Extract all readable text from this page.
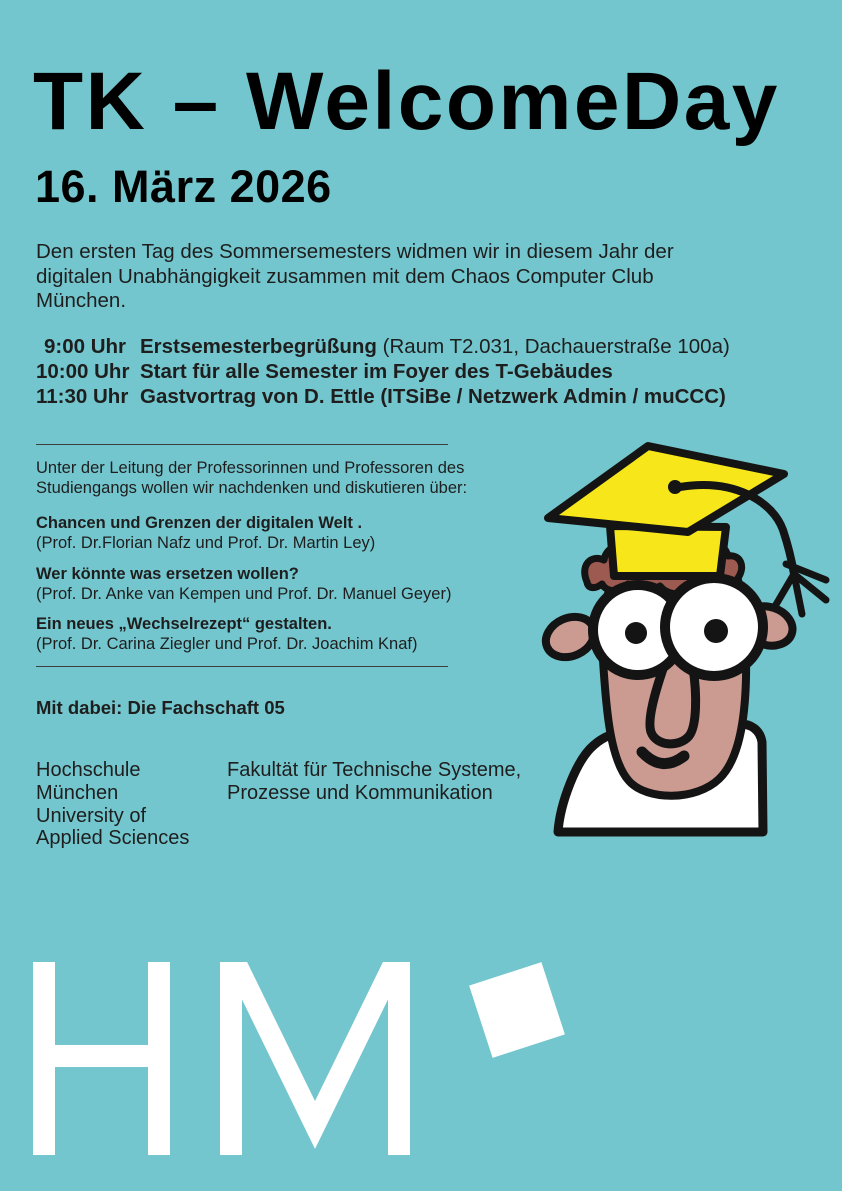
TK – WelcomeDay
16. März 2026
Den ersten Tag des Sommersemesters widmen wir in diesem Jahr der
digitalen Unabhängigkeit zusammen mit dem Chaos Computer Club
München.
9:00 Uhr Erstsemesterbegrüßung (Raum T2.031, Dachauerstraße 100a)
10:00 Uhr Start für alle Semester im Foyer des T-Gebäudes
11:30 Uhr Gastvortrag von D. Ettle (ITSiBe / Netzwerk Admin / muCCC)
Unter der Leitung der Professorinnen und Professoren des
Studiengangs wollen wir nachdenken und diskutieren über:
Chancen und Grenzen der digitalen Welt .
(Prof. Dr.Florian Nafz und Prof. Dr. Martin Ley)
Wer könnte was ersetzen wollen?
(Prof. Dr. Anke van Kempen und Prof. Dr. Manuel Geyer)
Ein neues „Wechselrezept“ gestalten.
(Prof. Dr. Carina Ziegler und Prof. Dr. Joachim Knaf)
Mit dabei: Die Fachschaft 05
Hochschule
München
University of
Applied Sciences
Fakultät für Technische Systeme,
Prozesse und Kommunikation
